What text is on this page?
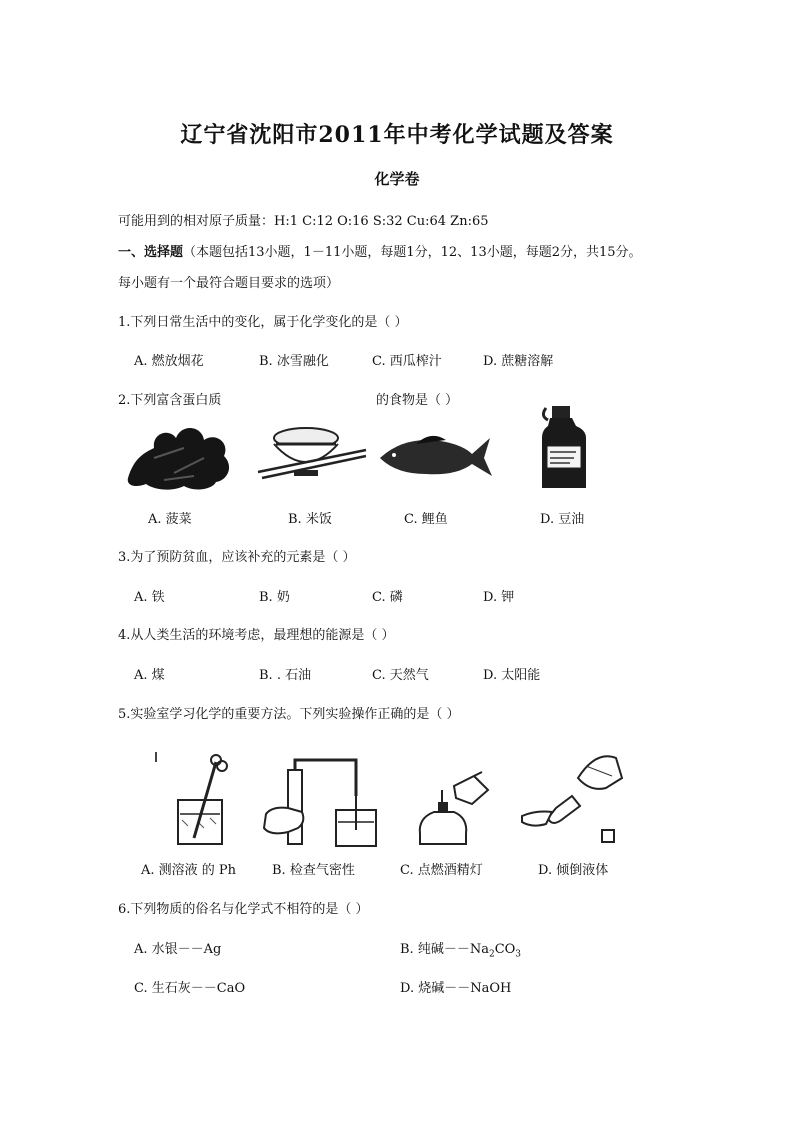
辽宁省沈阳市2011年中考化学试题及答案
化学卷
可能用到的相对原子质量：H:1 C:12 O:16 S:32 Cu:64 Zn:65
一、选择题（本题包括13小题，1－11小题，每题1分，12、13小题，每题2分，共15分。
每小题有一个最符合题目要求的选项）
1.下列日常生活中的变化，属于化学变化的是（ ）
A. 燃放烟花	B. 冰雪融化	C. 西瓜榨汁	D. 蔗糖溶解
2.下列富含蛋白质	的食物是（ ）
A. 菠菜	B. 米饭	C. 鲤鱼	D. 豆油
3.为了预防贫血，应该补充的元素是（ ）
A. 铁	B. 奶	C. 磷	D. 钾
4.从人类生活的环境考虑，最理想的能源是（ ）
A. 煤	B. . 石油	C. 天然气	D. 太阳能
5.实验室学习化学的重要方法。下列实验操作正确的是（ ）
A. 测溶液 的 Ph	B. 检查气密性	C. 点燃酒精灯	D. 倾倒液体
6.下列物质的俗名与化学式不相符的是（ ）
A. 水银－－Ag	B. 纯碱$--Na_2CO_3$
C. 生石灰－－CaO	D. 烧碱－－NaOH
